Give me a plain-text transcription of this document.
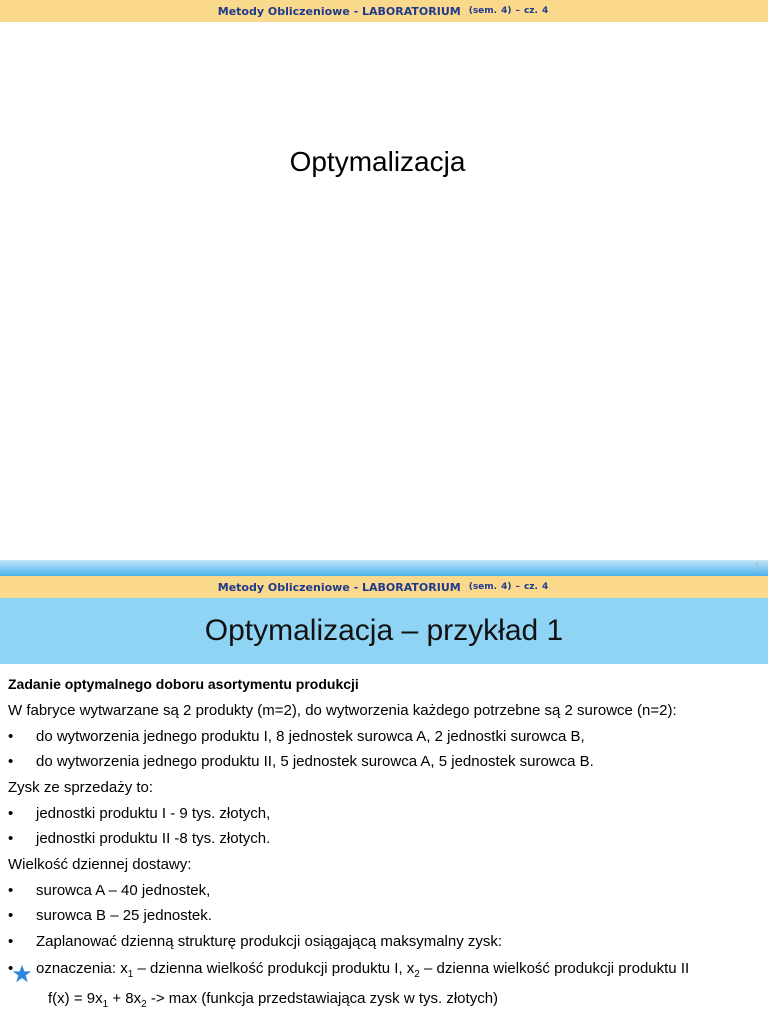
Metody Obliczeniowe - LABORATORIUM (sem. 4) – cz. 4
Optymalizacja
1
Metody Obliczeniowe - LABORATORIUM (sem. 4) – cz. 4
Optymalizacja – przykład 1
Zadanie optymalnego doboru asortymentu produkcji
W fabryce wytwarzane są 2 produkty (m=2), do wytworzenia każdego potrzebne są 2 surowce (n=2):
• do wytworzenia jednego produktu I, 8 jednostek surowca A, 2 jednostki surowca B,
• do wytworzenia jednego produktu II, 5 jednostek surowca A, 5 jednostek surowca B.
Zysk ze sprzedaży to:
• jednostki produktu I - 9 tys. złotych,
• jednostki produktu II -8 tys. złotych.
Wielkość dziennej dostawy:
• surowca A – 40 jednostek,
• surowca B – 25 jednostek.
• Zaplanować dzienną strukturę produkcji osiągającą maksymalny zysk:
• oznaczenia: $x_1$ – dzienna wielkość produkcji produktu I, $x_2$ – dzienna wielkość produkcji produktu II
$f(x) = 9x_1 + 8x_2 -> \max$ (funkcja przedstawiająca zysk w tys. złotych)
